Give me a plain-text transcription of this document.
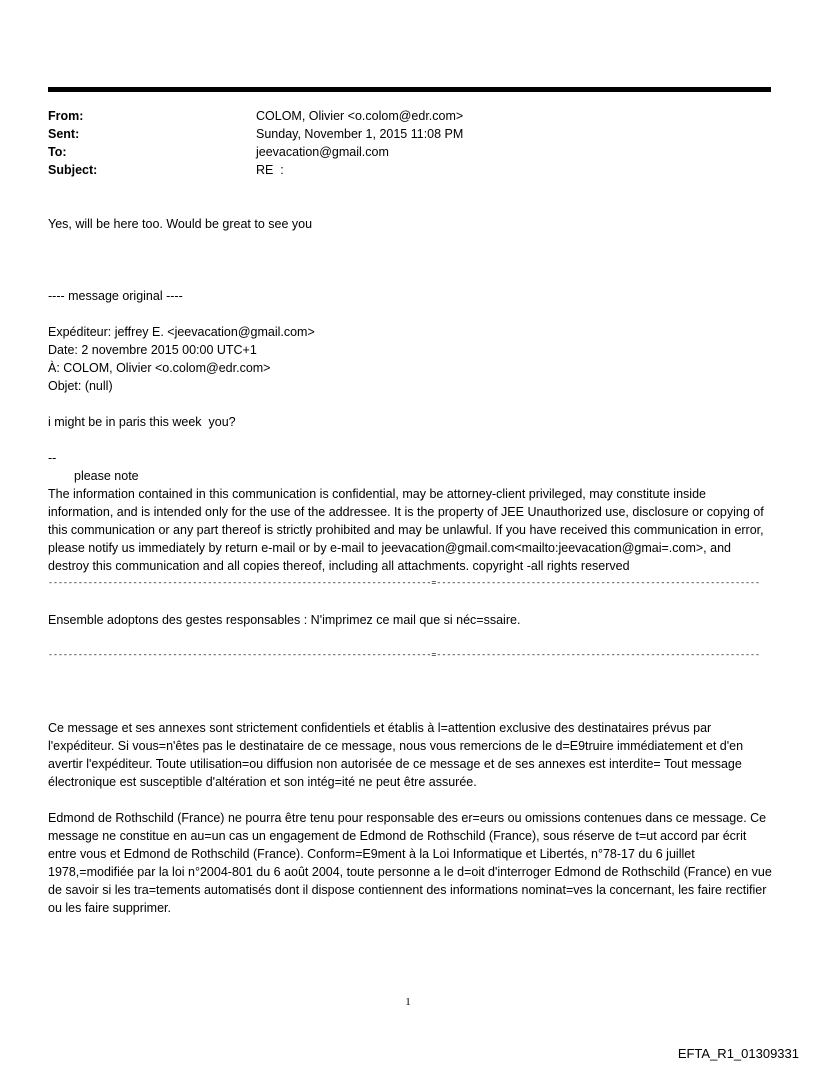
From:	COLOM, Olivier <o.colom@edr.com>
Sent:	Sunday, November 1, 2015 11:08 PM
To:	jeevacation@gmail.com
Subject:	RE  :

Yes, will be here too. Would be great to see you

---- message original ----

Expéditeur: jeffrey E. <jeevacation@gmail.com>

Date: 2 novembre 2015 00:00 UTC+1

À: COLOM, Olivier <o.colom@edr.com>

Objet: (null)

i might be in paris this week  you?

--

please note

The information contained in this communication is confidential, may be attorney-client privileged, may constitute inside information, and is intended only for the use of the addressee. It is the property of JEE Unauthorized use, disclosure or copying of this communication or any part thereof is strictly prohibited and may be unlawful. If you have received this communication in error, please notify us immediately by return e-mail or by e-mail to jeevacation@gmail.com<mailto:jeevacation@gmai=.com>, and destroy this communication and all copies thereof, including all attachments. copyright -all rights reserved

-----------------------------------------------------------------------------=-----------------------------------------------------------------

Ensemble adoptons des gestes responsables : N'imprimez ce mail que si néc=ssaire.

-----------------------------------------------------------------------------=-----------------------------------------------------------------

Ce message et ses annexes sont strictement confidentiels et établis à l=attention exclusive des destinataires prévus par l'expéditeur. Si vous=n'êtes pas le destinataire de ce message, nous vous remercions de le d=E9truire immédiatement et d'en avertir l'expéditeur. Toute utilisation=ou diffusion non autorisée de ce message et de ses annexes est interdite= Tout message électronique est susceptible d'altération et son intég=ité ne peut être assurée.

Edmond de Rothschild (France) ne pourra être tenu pour responsable des er=eurs ou omissions contenues dans ce message. Ce message ne constitue en au=un cas un engagement de Edmond de Rothschild (France), sous réserve de t=ut accord par écrit entre vous et Edmond de Rothschild (France). Conform=E9ment à la Loi Informatique et Libertés, n°78-17 du 6 juillet 1978,=modifiée par la loi n°2004-801 du 6 août 2004, toute personne a le d=oit d'interroger Edmond de Rothschild (France) en vue de savoir si les tra=tements automatisés dont il dispose contiennent des informations nominat=ves la concernant, les faire rectifier ou les faire supprimer.

1
EFTA_R1_01309331
